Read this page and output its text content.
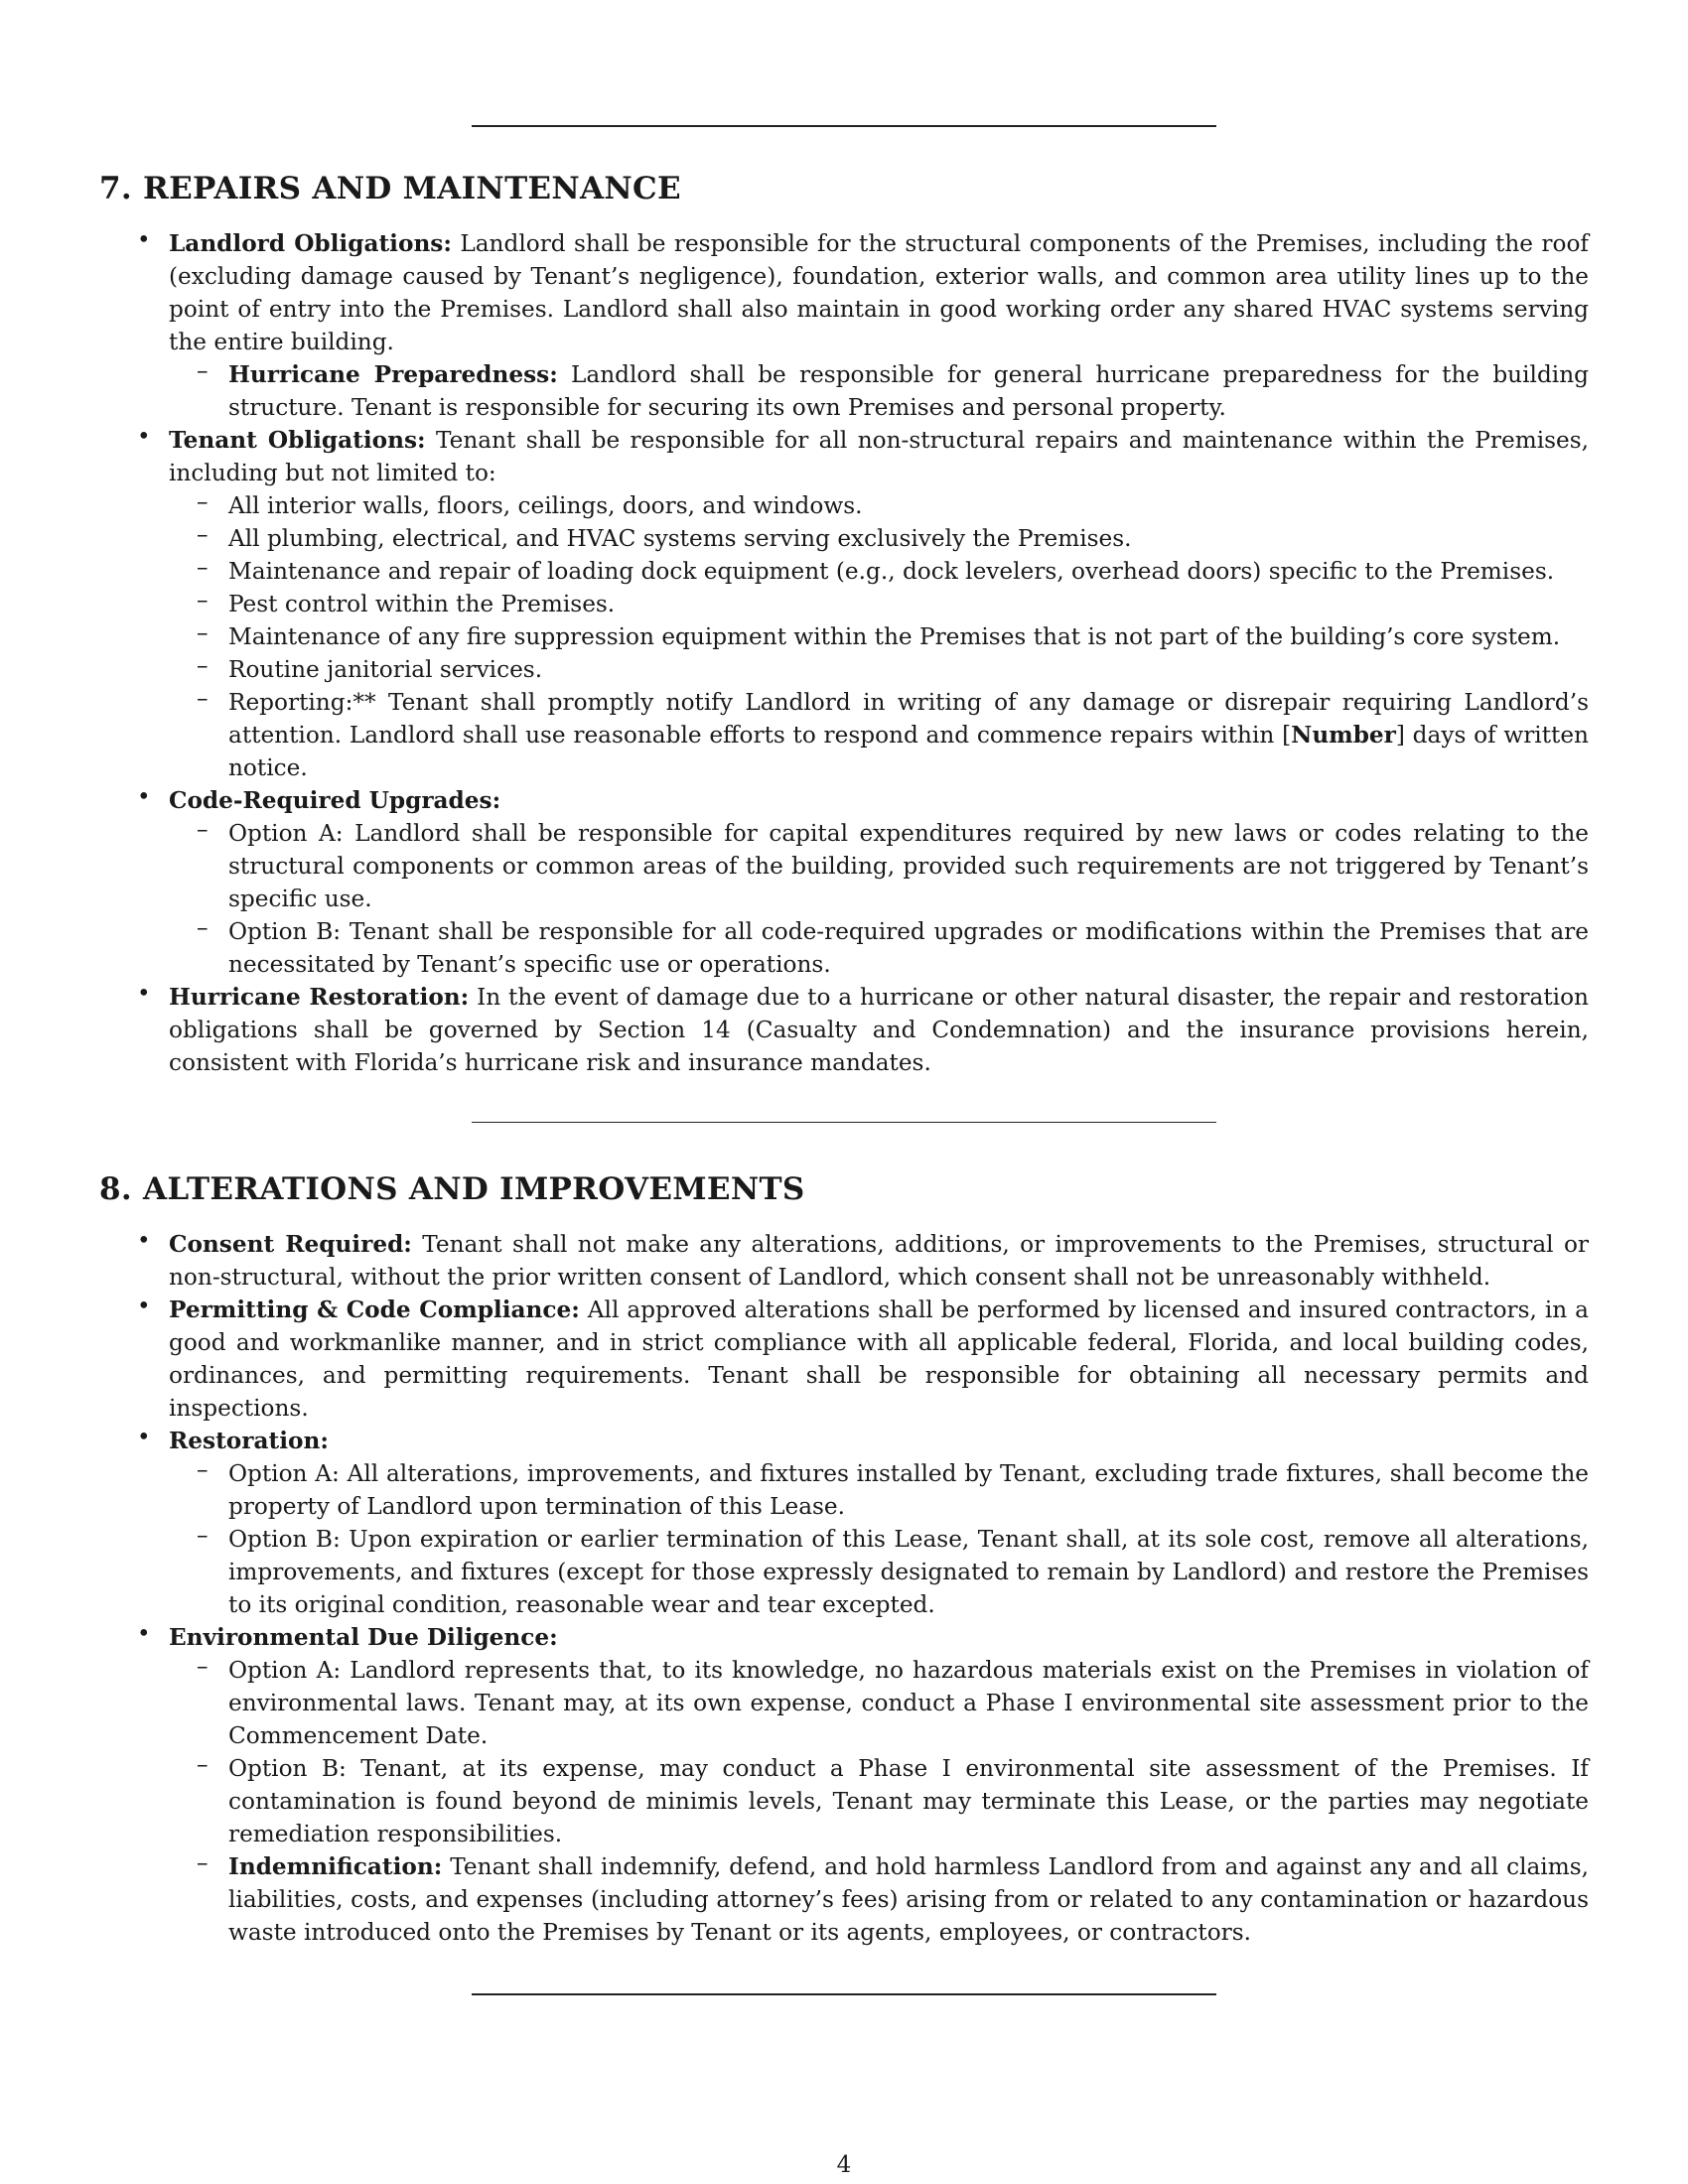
7. REPAIRS AND MAINTENANCE
• Landlord Obligations: Landlord shall be responsible for the structural components of the Premises, including the roof (excluding damage caused by Tenant’s negligence), foundation, exterior walls, and common area utility lines up to the point of entry into the Premises. Landlord shall also maintain in good working order any shared HVAC systems serving the entire building.
– Hurricane Preparedness: Landlord shall be responsible for general hurricane preparedness for the building structure. Tenant is responsible for securing its own Premises and personal property.
• Tenant Obligations: Tenant shall be responsible for all non-structural repairs and maintenance within the Premises, including but not limited to:
– All interior walls, floors, ceilings, doors, and windows.
– All plumbing, electrical, and HVAC systems serving exclusively the Premises.
– Maintenance and repair of loading dock equipment (e.g., dock levelers, overhead doors) specific to the Premises.
– Pest control within the Premises.
– Maintenance of any fire suppression equipment within the Premises that is not part of the building’s core system.
– Routine janitorial services.
– Reporting:** Tenant shall promptly notify Landlord in writing of any damage or disrepair requiring Landlord’s attention. Landlord shall use reasonable efforts to respond and commence repairs within [Number] days of written notice.
• Code-Required Upgrades:
– Option A: Landlord shall be responsible for capital expenditures required by new laws or codes relating to the structural components or common areas of the building, provided such requirements are not triggered by Tenant’s specific use.
– Option B: Tenant shall be responsible for all code-required upgrades or modifications within the Premises that are necessitated by Tenant’s specific use or operations.
• Hurricane Restoration: In the event of damage due to a hurricane or other natural disaster, the repair and restoration obligations shall be governed by Section 14 (Casualty and Condemnation) and the insurance provisions herein, consistent with Florida’s hurricane risk and insurance mandates.
8. ALTERATIONS AND IMPROVEMENTS
• Consent Required: Tenant shall not make any alterations, additions, or improvements to the Premises, structural or non-structural, without the prior written consent of Landlord, which consent shall not be unreasonably withheld.
• Permitting & Code Compliance: All approved alterations shall be performed by licensed and insured contractors, in a good and workmanlike manner, and in strict compliance with all applicable federal, Florida, and local building codes, ordinances, and permitting requirements. Tenant shall be responsible for obtaining all necessary permits and inspections.
• Restoration:
– Option A: All alterations, improvements, and fixtures installed by Tenant, excluding trade fixtures, shall become the property of Landlord upon termination of this Lease.
– Option B: Upon expiration or earlier termination of this Lease, Tenant shall, at its sole cost, remove all alterations, improvements, and fixtures (except for those expressly designated to remain by Landlord) and restore the Premises to its original condition, reasonable wear and tear excepted.
• Environmental Due Diligence:
– Option A: Landlord represents that, to its knowledge, no hazardous materials exist on the Premises in violation of environmental laws. Tenant may, at its own expense, conduct a Phase I environmental site assessment prior to the Commencement Date.
– Option B: Tenant, at its expense, may conduct a Phase I environmental site assessment of the Premises. If contamination is found beyond de minimis levels, Tenant may terminate this Lease, or the parties may negotiate remediation responsibilities.
– Indemnification: Tenant shall indemnify, defend, and hold harmless Landlord from and against any and all claims, liabilities, costs, and expenses (including attorney’s fees) arising from or related to any contamination or hazardous waste introduced onto the Premises by Tenant or its agents, employees, or contractors.
4
